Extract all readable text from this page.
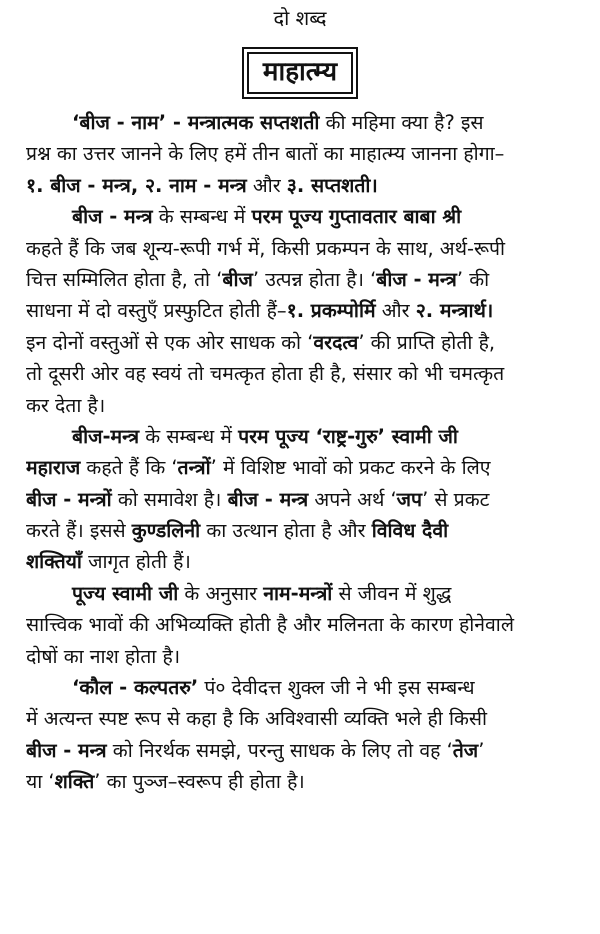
दो शब्द
माहात्म्य
‘बीज - नाम’ - मन्त्रात्मक सप्तशती की महिमा क्या है? इस
प्रश्न का उत्तर जानने के लिए हमें तीन बातों का माहात्म्य जानना होगा–
१. बीज - मन्त्र, २. नाम - मन्त्र और ३. सप्तशती।
बीज - मन्त्र के सम्बन्ध में परम पूज्य गुप्तावतार बाबा श्री
कहते हैं कि जब शून्य-रूपी गर्भ में, किसी प्रकम्पन के साथ, अर्थ-रूपी
चित्त सम्मिलित होता है, तो ‘बीज’ उत्पन्न होता है। ‘बीज - मन्त्र’ की
साधना में दो वस्तुएँ प्रस्फुटित होती हैं–१. प्रकम्पोर्मि और २. मन्त्रार्थ।
इन दोनों वस्तुओं से एक ओर साधक को ‘वरदत्व’ की प्राप्ति होती है,
तो दूसरी ओर वह स्वयं तो चमत्कृत होता ही है, संसार को भी चमत्कृत
कर देता है।
बीज-मन्त्र के सम्बन्ध में परम पूज्य ‘राष्ट्र-गुरु’ स्वामी जी
महाराज कहते हैं कि ‘तन्त्रों’ में विशिष्ट भावों को प्रकट करने के लिए
बीज - मन्त्रों को समावेश है। बीज - मन्त्र अपने अर्थ ‘जप’ से प्रकट
करते हैं। इससे कुण्डलिनी का उत्थान होता है और विविध दैवी
शक्तियाँ जागृत होती हैं।
पूज्य स्वामी जी के अनुसार नाम-मन्त्रों से जीवन में शुद्ध
सात्त्विक भावों की अभिव्यक्ति होती है और मलिनता के कारण होनेवाले
दोषों का नाश होता है।
‘कौल - कल्पतरु’ पं० देवीदत्त शुक्ल जी ने भी इस सम्बन्ध
में अत्यन्त स्पष्ट रूप से कहा है कि अविश्वासी व्यक्ति भले ही किसी
बीज - मन्त्र को निरर्थक समझे, परन्तु साधक के लिए तो वह ‘तेज’
या ‘शक्ति’ का पुञ्ज–स्वरूप ही होता है।
